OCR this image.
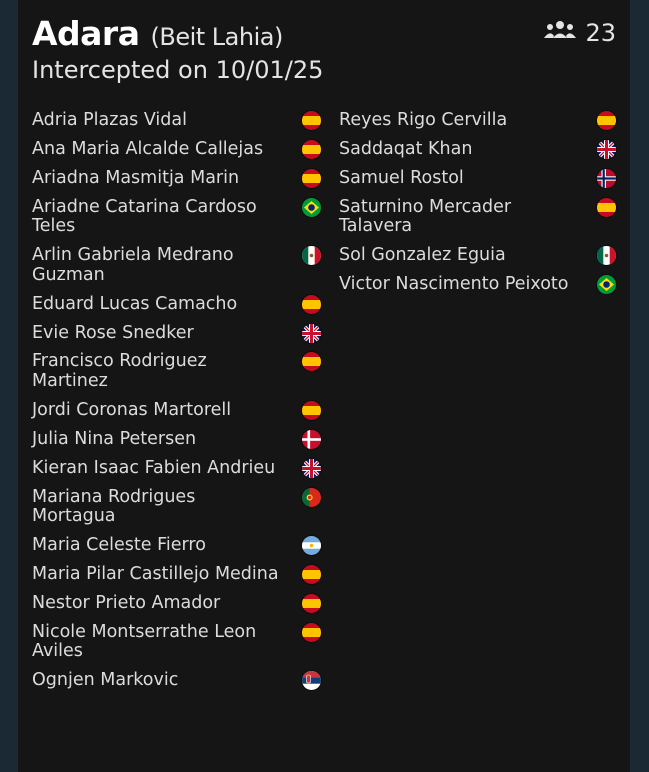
Adara (Beit Lahia)
Intercepted on 10/01/25
23
Adria Plazas Vidal
Ana Maria Alcalde Callejas
Ariadna Masmitja Marin
Ariadne Catarina Cardoso Teles
Arlin Gabriela Medrano Guzman
Eduard Lucas Camacho
Evie Rose Snedker
Francisco Rodriguez Martinez
Jordi Coronas Martorell
Julia Nina Petersen
Kieran Isaac Fabien Andrieu
Mariana Rodrigues Mortagua
Maria Celeste Fierro
Maria Pilar Castillejo Medina
Nestor Prieto Amador
Nicole Montserrathe Leon Aviles
Ognjen Markovic
Reyes Rigo Cervilla
Saddaqat Khan
Samuel Rostol
Saturnino Mercader Talavera
Sol Gonzalez Eguia
Victor Nascimento Peixoto
